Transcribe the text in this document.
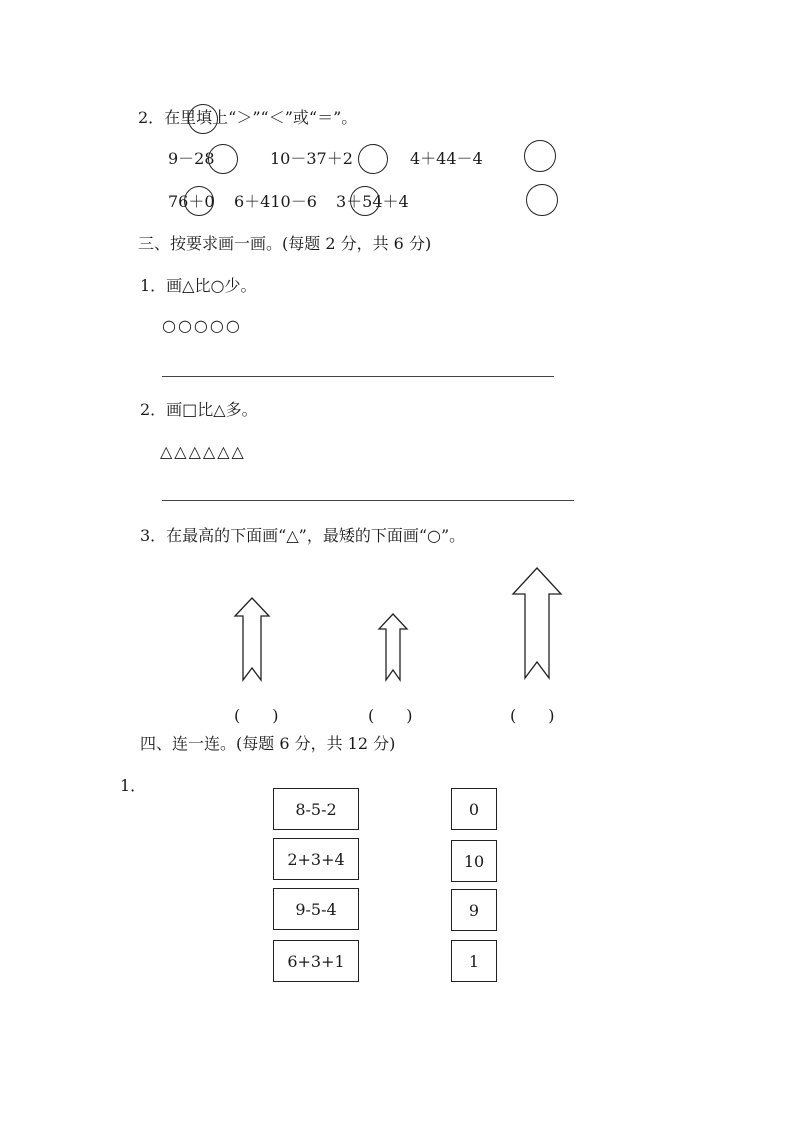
2．在里填上“＞”“＜”或“＝”。
9－28	10－37＋2	4＋44－4
76＋0 6＋410－6 3＋54＋4
三、按要求画一画。(每题 2 分，共 6 分)
1．画△比○少。
○○○○○
2．画□比△多。
△△△△△△
3．在最高的下面画“△”，最矮的下面画“○”。
(　　)	(　　)	(　　)
四、连一连。(每题 6 分，共 12 分)
1．
8-5-2
2+3+4
9-5-4
6+3+1
0
10
9
1
